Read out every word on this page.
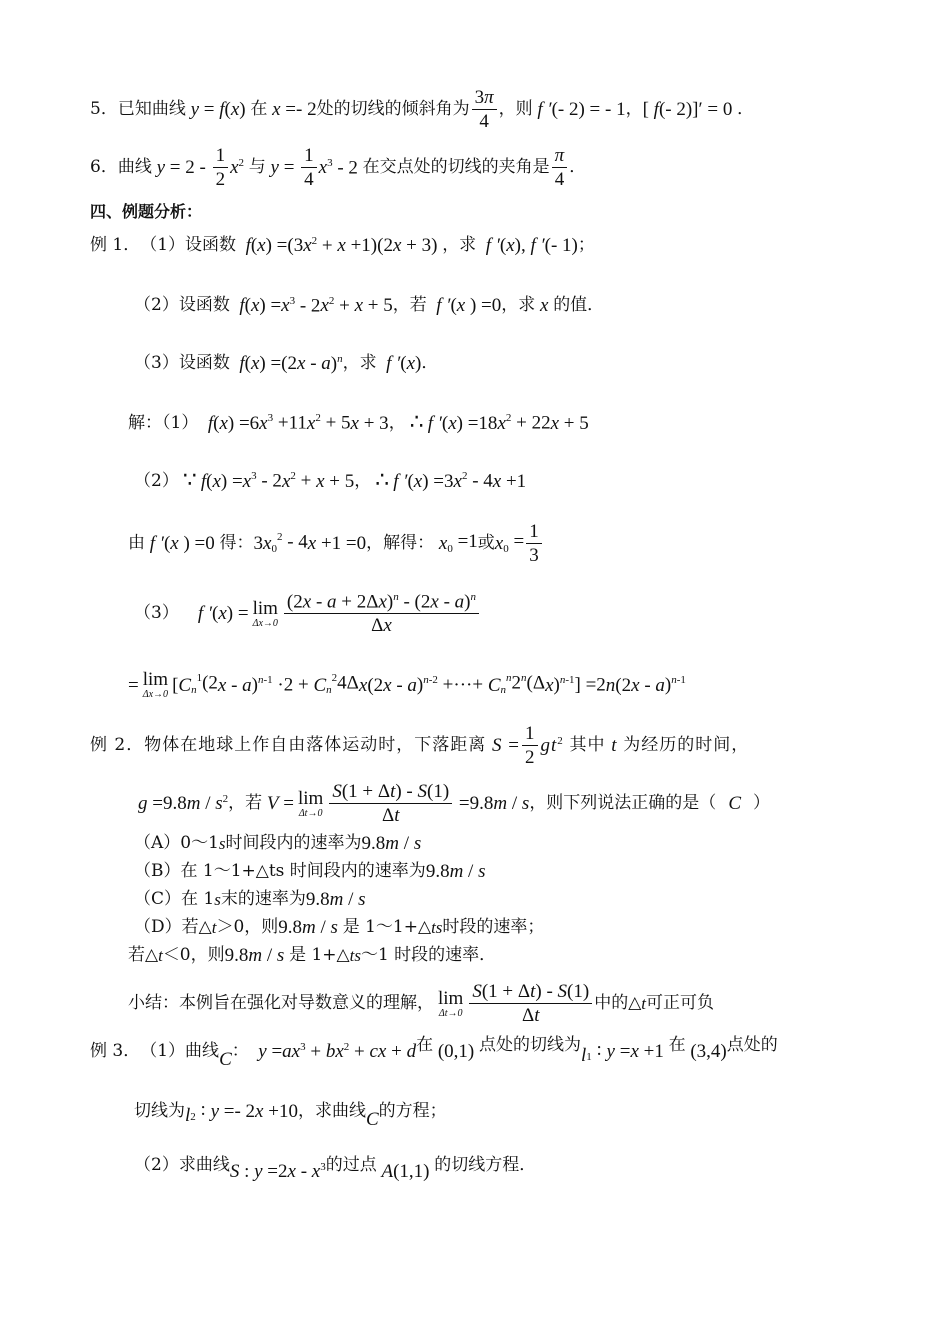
5．已知曲线 y = f ( x ) 在 x =- 2 处的切线的倾斜角为 $\frac{3\pi}{4}$ ，则 f ′ (- 2) = - 1 ， [ f (- 2)]′ = 0 ．
6．曲线 $y = 2 - \frac{1}{2}$ x $^2$ 与 $y = \frac{1}{4}$ x $^3$ - 2 在交点处的切线的夹角是 $\frac{\pi}{4}$ ．
四、例题分析：
例 1． （1）设函数 f ( x ) =(3 x $^2$ + x +1)(2 x + 3) ，求 f ′ ( x ), f ′ (- 1) ；
（2）设函数 f ( x ) = x $^3$ - 2 x $^2$ + x + 5 ，若 f ′ ( x ) =0 ，求 x 的值．
（3）设函数 f ( x ) =(2 x - a )$^n$ ，求 f ′ ( x ) ．
解：（1） f ( x ) =6 x $^3$ +11 x $^2$ + 5 x + 3 ， ∴ f ′ ( x ) =18 x $^2$ + 22 x + 5
（2） ∵ f ( x ) = x $^3$ - 2 x $^2$ + x + 5 ， ∴ f ′ ( x ) =3 x $^2$ - 4 x +1
由 f ′ ( x ) =0 得： 3 x $_0^2$ - 4 x +1 =0 ，解得： x $_0$ =1 或 x $_0 = \frac{1}{3}$
（3） f ′ ( x ) = lim
$\Delta x\to 0 \frac{(2x - a + 2\Delta x)^n - (2x - a)^n}{\Delta x}$
= lim
Δx→0 [ C $_n^1$(2 x - a )$^{n-1}$ ·2 + C $_n^2$4Δ x (2 x - a )$^{n-2}$ +···+ C $_n^n$2$^n$(Δ x )$^{n-1}$] =2 n (2 x - a )$^{n-1}$
例 2． 物体在地球上作自由落体运动时，下落距离 $S = \frac{1}{2}$ gt $^2$ 其中 t 为经历的时间，
g =9.8 m / s $^2$ ，若 V = lim
$\Delta t\to 0 \frac{S(1 + \Delta t) - S(1)}{\Delta t} =9.8$ m / s ，则下列说法正确的是（ C ）
（A）0～1 s 时间段内的速率为 9.8 m / s
（B）在 1～1+△ts 时间段内的速率为 9.8 m / s
（C）在 1 s 末的速率为 9.8 m / s
（D）若△ t ＞0，则 9.8 m / s
是 1～1+△ ts 时段的速率；
若△ t ＜0，则 9.8 m / s
是 1+△ ts ～1 时段的速率．
小结：本例旨在强化对导数意义的理解， lim
$\Delta t\to 0 \frac{S(1 + \Delta t) - S(1)}{\Delta t}$ 中的△ t 可正可负
例 3． （1）曲线 C ： y = ax $^3$ + bx $^2$ + cx + d 在 (0,1) 点处的切线为 l $_1$ : y = x +1 在 (3,4) 点处的
切线为 l $_2$ : y =- 2 x +10 ，求曲线 C 的方程；
（2）求曲线 S : y =2 x - x $^3$ 的过点 A (1,1) 的切线方程．
